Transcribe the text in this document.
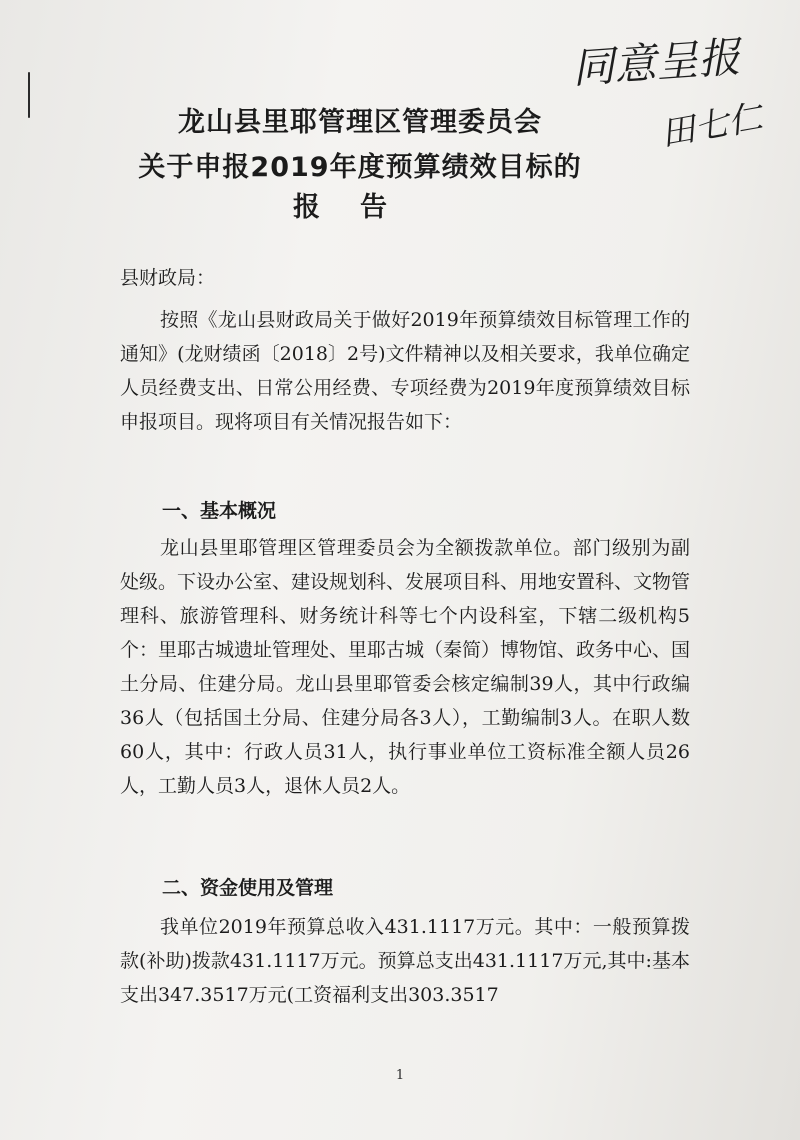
龙山县里耶管理区管理委员会
关于申报2019年度预算绩效目标的
报告
同意呈报
田七仁
县财政局：
按照《龙山县财政局关于做好2019年预算绩效目标管理工作的通知》(龙财绩函〔2018〕2号)文件精神以及相关要求，我单位确定人员经费支出、日常公用经费、专项经费为2019年度预算绩效目标申报项目。现将项目有关情况报告如下：
一、基本概况
龙山县里耶管理区管理委员会为全额拨款单位。部门级别为副处级。下设办公室、建设规划科、发展项目科、用地安置科、文物管理科、旅游管理科、财务统计科等七个内设科室，下辖二级机构5个：里耶古城遗址管理处、里耶古城（秦简）博物馆、政务中心、国土分局、住建分局。龙山县里耶管委会核定编制39人，其中行政编36人（包括国土分局、住建分局各3人），工勤编制3人。在职人数60人，其中：行政人员31人，执行事业单位工资标准全额人员26人，工勤人员3人，退休人员2人。
二、资金使用及管理
我单位2019年预算总收入431.1117万元。其中：一般预算拨款(补助)拨款431.1117万元。预算总支出431.1117万元,其中:基本支出347.3517万元(工资福利支出303.3517
1
